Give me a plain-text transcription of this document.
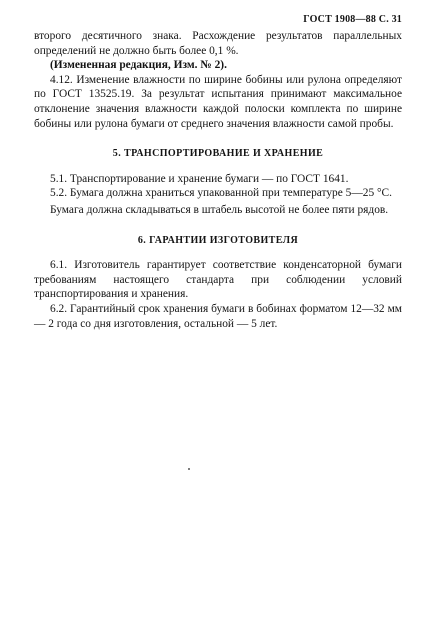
ГОСТ 1908—88 С. 31

второго десятичного знака. Расхождение результатов параллельных определений не должно быть более 0,1 %.

(Измененная редакция, Изм. № 2).

4.12. Изменение влажности по ширине бобины или рулона определяют по ГОСТ 13525.19. За результат испытания принимают максимальное отклонение значения влажности каждой полоски комплекта по ширине бобины или рулона бумаги от среднего значения влажности самой пробы.

5. ТРАНСПОРТИРОВАНИЕ И ХРАНЕНИЕ

5.1. Транспортирование и хранение бумаги — по ГОСТ 1641.

5.2. Бумага должна храниться упакованной при температуре 5—25 °С.

Бумага должна складываться в штабель высотой не более пяти рядов.

6. ГАРАНТИИ ИЗГОТОВИТЕЛЯ

6.1. Изготовитель гарантирует соответствие конденсаторной бумаги требованиям настоящего стандарта при соблюдении условий транспортирования и хранения.

6.2. Гарантийный срок хранения бумаги в бобинах форматом 12—32 мм — 2 года со дня изготовления, остальной — 5 лет.
